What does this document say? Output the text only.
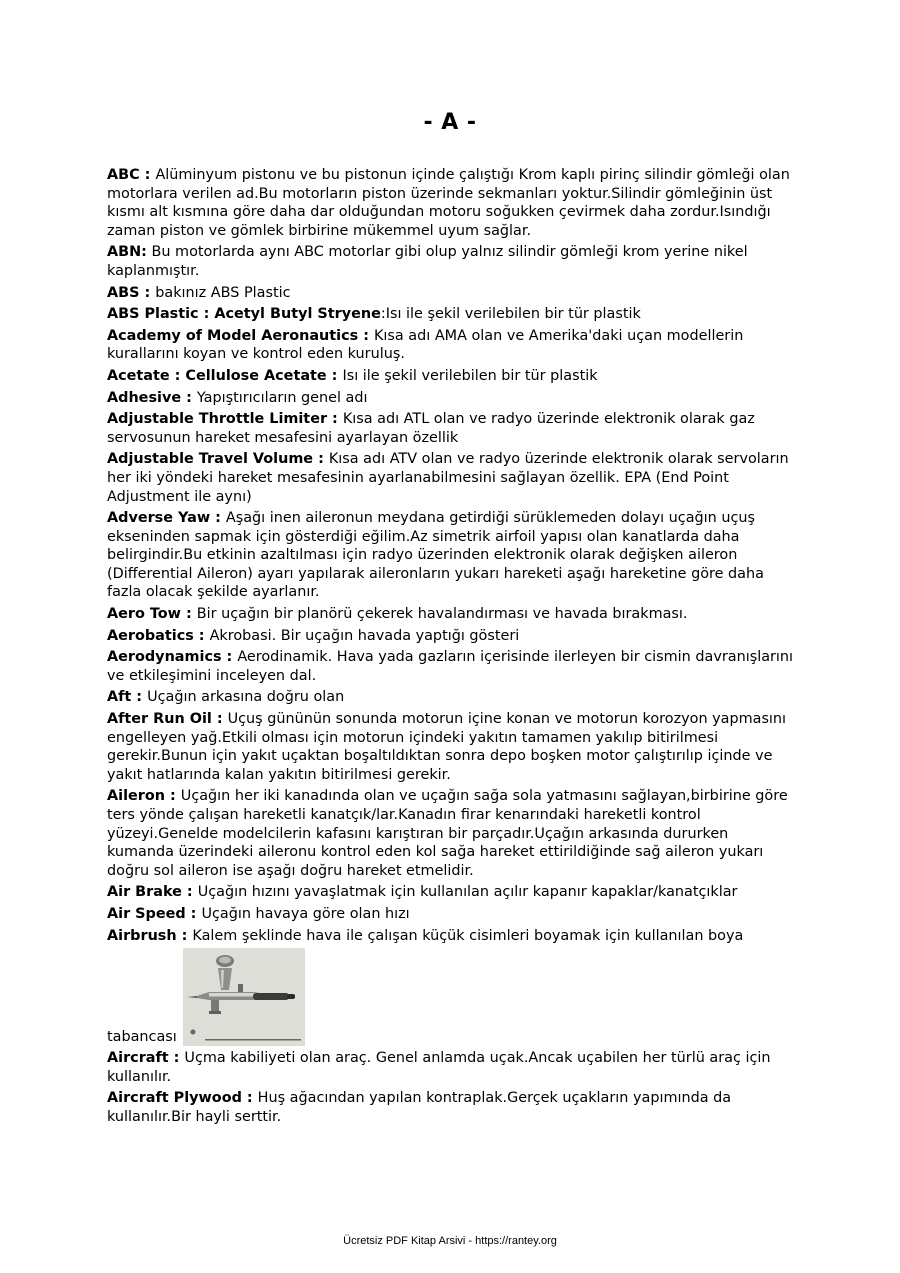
- A -

ABC : Alüminyum pistonu ve bu pistonun içinde çalıştığı Krom kaplı pirinç silindir gömleği olan motorlara verilen ad.Bu motorların piston üzerinde sekmanları yoktur.Silindir gömleğinin üst kısmı alt kısmına göre daha dar olduğundan motoru soğukken çevirmek daha zordur.Isındığı zaman piston ve gömlek birbirine mükemmel uyum sağlar.

ABN: Bu motorlarda aynı ABC motorlar gibi olup yalnız silindir gömleği krom yerine nikel kaplanmıştır.

ABS : bakınız ABS Plastic

ABS Plastic : Acetyl Butyl Stryene:Isı ile şekil verilebilen bir tür plastik

Academy of Model Aeronautics : Kısa adı AMA olan ve Amerika'daki uçan modellerin kurallarını koyan ve kontrol eden kuruluş.

Acetate : Cellulose Acetate : Isı ile şekil verilebilen bir tür plastik

Adhesive : Yapıştırıcıların genel adı

Adjustable Throttle Limiter : Kısa adı ATL olan ve radyo üzerinde elektronik olarak gaz servosunun hareket mesafesini ayarlayan özellik

Adjustable Travel Volume : Kısa adı ATV olan ve radyo üzerinde elektronik olarak servoların her iki yöndeki hareket mesafesinin ayarlanabilmesini sağlayan özellik. EPA (End Point Adjustment ile aynı)

Adverse Yaw : Aşağı inen aileronun meydana getirdiği sürüklemeden dolayı uçağın uçuş ekseninden sapmak için gösterdiği eğilim.Az simetrik airfoil yapısı olan kanatlarda daha belirgindir.Bu etkinin azaltılması için radyo üzerinden elektronik olarak değişken aileron (Differential Aileron) ayarı yapılarak aileronların yukarı hareketi aşağı hareketine göre daha fazla olacak şekilde ayarlanır.

Aero Tow : Bir uçağın bir planörü çekerek havalandırması ve havada bırakması.

Aerobatics : Akrobasi. Bir uçağın havada yaptığı gösteri

Aerodynamics : Aerodinamik. Hava yada gazların içerisinde ilerleyen bir cismin davranışlarını ve etkileşimini inceleyen dal.

Aft : Uçağın arkasına doğru olan

After Run Oil : Uçuş gününün sonunda motorun içine konan ve motorun korozyon yapmasını engelleyen yağ.Etkili olması için motorun içindeki yakıtın tamamen yakılıp bitirilmesi gerekir.Bunun için yakıt uçaktan boşaltıldıktan sonra depo boşken motor çalıştırılıp içinde ve yakıt hatlarında kalan yakıtın bitirilmesi gerekir.

Aileron : Uçağın her iki kanadında olan ve uçağın sağa sola yatmasını sağlayan,birbirine göre ters yönde çalışan hareketli kanatçık/lar.Kanadın firar kenarındaki hareketli kontrol yüzeyi.Genelde modelcilerin kafasını karıştıran bir parçadır.Uçağın arkasında dururken kumanda üzerindeki aileronu kontrol eden kol sağa hareket ettirildiğinde sağ aileron yukarı doğru sol aileron ise aşağı doğru hareket etmelidir.

Air Brake : Uçağın hızını yavaşlatmak için kullanılan açılır kapanır kapaklar/kanatçıklar

Air Speed : Uçağın havaya göre olan hızı

Airbrush : Kalem şeklinde hava ile çalışan küçük cisimleri boyamak için kullanılan boya

tabancası

Aircraft : Uçma kabiliyeti olan araç. Genel anlamda uçak.Ancak uçabilen her türlü araç için kullanılır.

Aircraft Plywood : Huş ağacından yapılan kontraplak.Gerçek uçakların yapımında da kullanılır.Bir hayli serttir.

Ücretsiz PDF Kitap Arsivi - https://rantey.org
